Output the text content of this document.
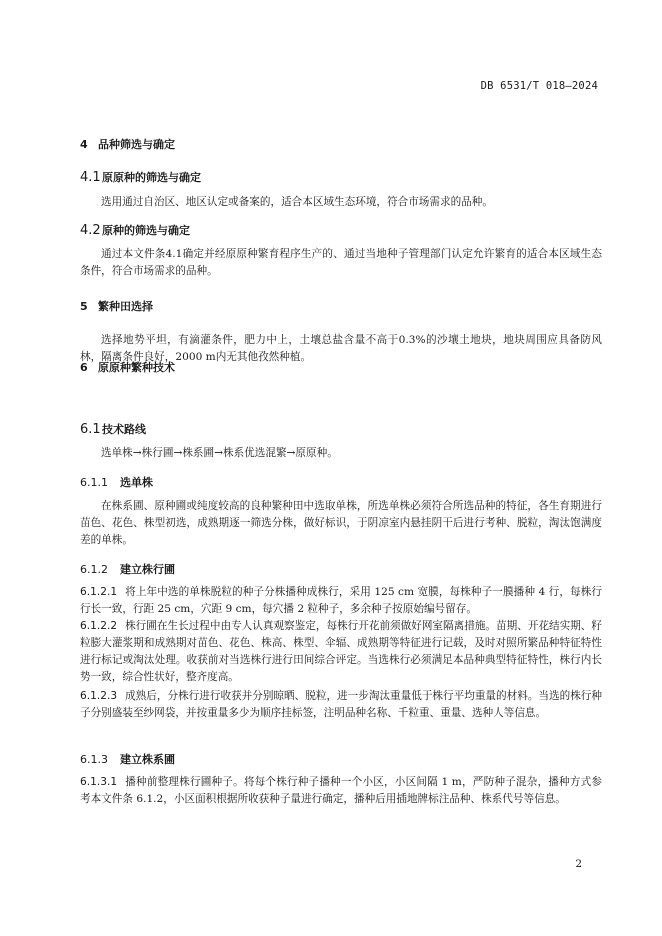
DB 6531/T 018—2024
4 品种筛选与确定
4.1原原种的筛选与确定

选用通过自治区、地区认定或备案的，适合本区域生态环境，符合市场需求的品种。

4.2原种的筛选与确定

通过本文件条4.1确定并经原原种繁育程序生产的、通过当地种子管理部门认定允许繁育的适合本区域生态条件，符合市场需求的品种。

5 繁种田选择

选择地势平坦，有滴灌条件，肥力中上，土壤总盐含量不高于0.3%的沙壤土地块，地块周围应具备防风林，隔离条件良好，2000 m内无其他孜然种植。

6 原原种繁种技术
6.1技术路线

选单株→株行圃→株系圃→株系优选混繁→原原种。

6.1.1 选单株

在株系圃、原种圃或纯度较高的良种繁种田中选取单株，所选单株必须符合所选品种的特征，各生育期进行苗色、花色、株型初选，成熟期逐一筛选分株，做好标识，于阴凉室内悬挂阴干后进行考种、脱粒，淘汰饱满度差的单株。

6.1.2 建立株行圃

6.1.2.1 将上年中选的单株脱粒的种子分株播种成株行，采用 125 cm 宽膜，每株种子一膜播种 4 行，每株行行长一致，行距 25 cm，穴距 9 cm，每穴播 2 粒种子，多余种子按原始编号留存。

6.1.2.2 株行圃在生长过程中由专人认真观察鉴定，每株行开花前须做好网室隔离措施。苗期、开花结实期、籽粒膨大灌浆期和成熟期对苗色、花色、株高、株型、伞辐、成熟期等特征进行记载，及时对照所繁品种特征特性进行标记或淘汰处理。收获前对当选株行进行田间综合评定。当选株行必须满足本品种典型特征特性，株行内长势一致，综合性状好，整齐度高。

6.1.2.3 成熟后，分株行进行收获并分别晾晒、脱粒，进一步淘汰重量低于株行平均重量的材料。当选的株行种子分别盛装至纱网袋，并按重量多少为顺序挂标签，注明品种名称、千粒重、重量、选种人等信息。

6.1.3 建立株系圃

6.1.3.1 播种前整理株行圃种子。将每个株行种子播种一个小区，小区间隔 1 m，严防种子混杂，播种方式参考本文件条 6.1.2，小区面积根据所收获种子量进行确定，播种后用插地牌标注品种、株系代号等信息。

2
